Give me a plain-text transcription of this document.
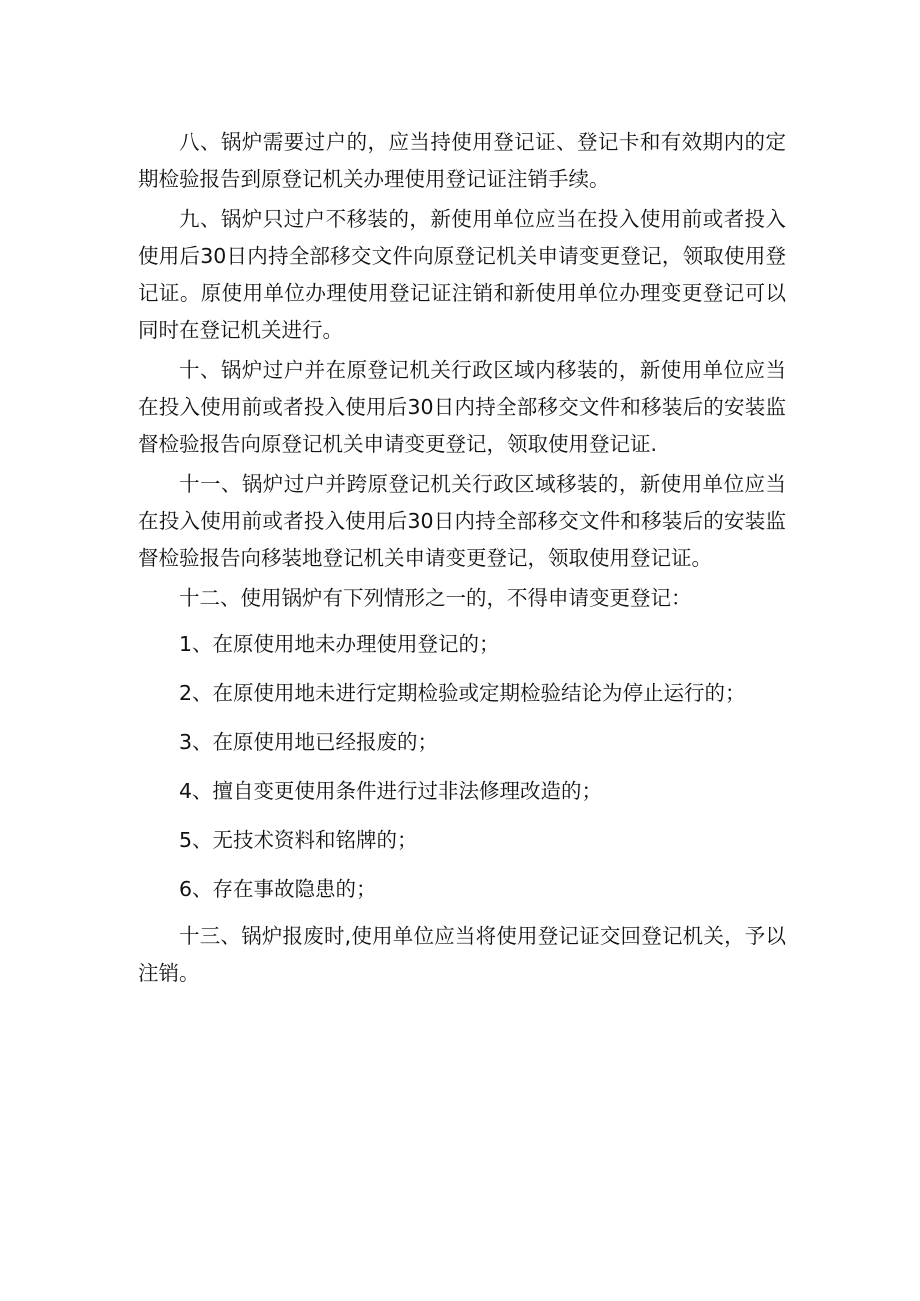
八、锅炉需要过户的，应当持使用登记证、登记卡和有效期内的定期检验报告到原登记机关办理使用登记证注销手续。

九、锅炉只过户不移装的，新使用单位应当在投入使用前或者投入使用后30日内持全部移交文件向原登记机关申请变更登记，领取使用登记证。原使用单位办理使用登记证注销和新使用单位办理变更登记可以同时在登记机关进行。

十、锅炉过户并在原登记机关行政区域内移装的，新使用单位应当在投入使用前或者投入使用后30日内持全部移交文件和移装后的安装监督检验报告向原登记机关申请变更登记，领取使用登记证.

十一、锅炉过户并跨原登记机关行政区域移装的，新使用单位应当在投入使用前或者投入使用后30日内持全部移交文件和移装后的安装监督检验报告向移装地登记机关申请变更登记，领取使用登记证。

十二、使用锅炉有下列情形之一的，不得申请变更登记：

1、在原使用地未办理使用登记的；

2、在原使用地未进行定期检验或定期检验结论为停止运行的；

3、在原使用地已经报废的；

4、擅自变更使用条件进行过非法修理改造的；

5、无技术资料和铭牌的；

6、存在事故隐患的；

十三、锅炉报废时,使用单位应当将使用登记证交回登记机关，予以注销。
